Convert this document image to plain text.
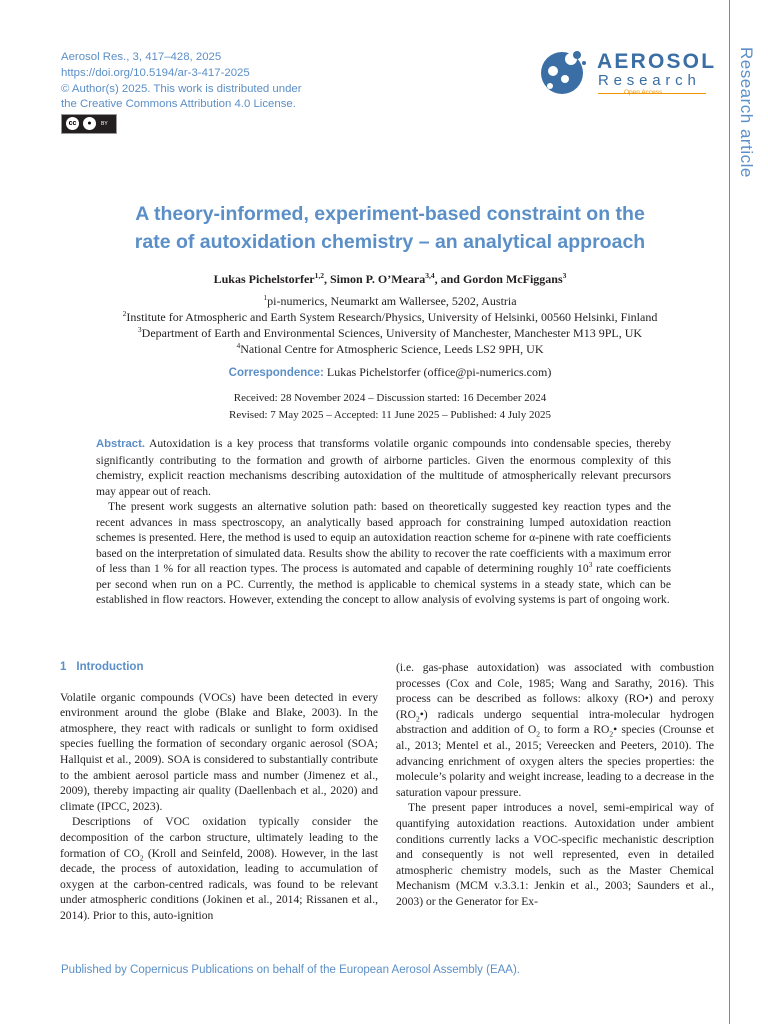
Aerosol Res., 3, 417–428, 2025
https://doi.org/10.5194/ar-3-417-2025
© Author(s) 2025. This work is distributed under
the Creative Commons Attribution 4.0 License.
cc	●	BY
AEROSOL
Research
Open Access	Research article
A theory-informed, experiment-based constraint on the
rate of autoxidation chemistry – an analytical approach
Lukas Pichelstorfer$^{1,2}$, Simon P. O’Meara$^{3,4}$, and Gordon McFiggans$^3$
$^1$pi-numerics, Neumarkt am Wallersee, 5202, Austria
$^2$Institute for Atmospheric and Earth System Research/Physics, University of Helsinki, 00560 Helsinki, Finland
$^3$Department of Earth and Environmental Sciences, University of Manchester, Manchester M13 9PL, UK
$^4$National Centre for Atmospheric Science, Leeds LS2 9PH, UK
Correspondence: Lukas Pichelstorfer (office@pi-numerics.com)
Received: 28 November 2024 – Discussion started: 16 December 2024
Revised: 7 May 2025 – Accepted: 11 June 2025 – Published: 4 July 2025

Abstract. Autoxidation is a key process that transforms volatile organic compounds into condensable species, thereby significantly contributing to the formation and growth of airborne particles. Given the enormous complexity of this chemistry, explicit reaction mechanisms describing autoxidation of the multitude of atmospherically relevant precursors may appear out of reach.

The present work suggests an alternative solution path: based on theoretically suggested key reaction types and the recent advances in mass spectroscopy, an analytically based approach for constraining lumped autoxidation reaction schemes is presented. Here, the method is used to equip an autoxidation reaction scheme for α-pinene with rate coefficients based on the interpretation of simulated data. Results show the ability to recover the rate coefficients with a maximum error of less than 1 % for all reaction types. The process is automated and capable of determining roughly $10^3$ rate coefficients per second when run on a PC. Currently, the method is applicable to chemical systems in a steady state, which can be established in flow reactors. However, extending the concept to allow analysis of evolving systems is part of ongoing work.

1 Introduction

Volatile organic compounds (VOCs) have been detected in every environment around the globe (Blake and Blake, 2003). In the atmosphere, they react with radicals or sunlight to form oxidised species fuelling the formation of secondary organic aerosol (SOA; Hallquist et al., 2009). SOA is considered to substantially contribute to the ambient aerosol particle mass and number (Jimenez et al., 2009), thereby impacting air quality (Daellenbach et al., 2020) and climate (IPCC, 2023).

Descriptions of VOC oxidation typically consider the decomposition of the carbon structure, ultimately leading to the formation of $CO_2$ (Kroll and Seinfeld, 2008). However, in the last decade, the process of autoxidation, leading to accumulation of oxygen at the carbon-centred radicals, was found to be relevant under atmospheric conditions (Jokinen et al., 2014; Rissanen et al., 2014). Prior to this, auto-ignition

(i.e. gas-phase autoxidation) was associated with combustion processes (Cox and Cole, 1985; Wang and Sarathy, 2016). This process can be described as follows: alkoxy (RO•) and peroxy $(RO_2•)$ radicals undergo sequential intra-molecular hydrogen abstraction and addition of $O_2$ to form a $RO_2•$ species (Crounse et al., 2013; Mentel et al., 2015; Vereecken and Peeters, 2010). The advancing enrichment of oxygen alters the species properties: the molecule’s polarity and weight increase, leading to a decrease in the saturation vapour pressure.

The present paper introduces a novel, semi-empirical way of quantifying autoxidation reactions. Autoxidation under ambient conditions currently lacks a VOC-specific mechanistic description and consequently is not well represented, even in detailed atmospheric chemistry models, such as the Master Chemical Mechanism (MCM v.3.3.1: Jenkin et al., 2003; Saunders et al., 2003) or the Generator for Ex-

Published by Copernicus Publications on behalf of the European Aerosol Assembly (EAA).
